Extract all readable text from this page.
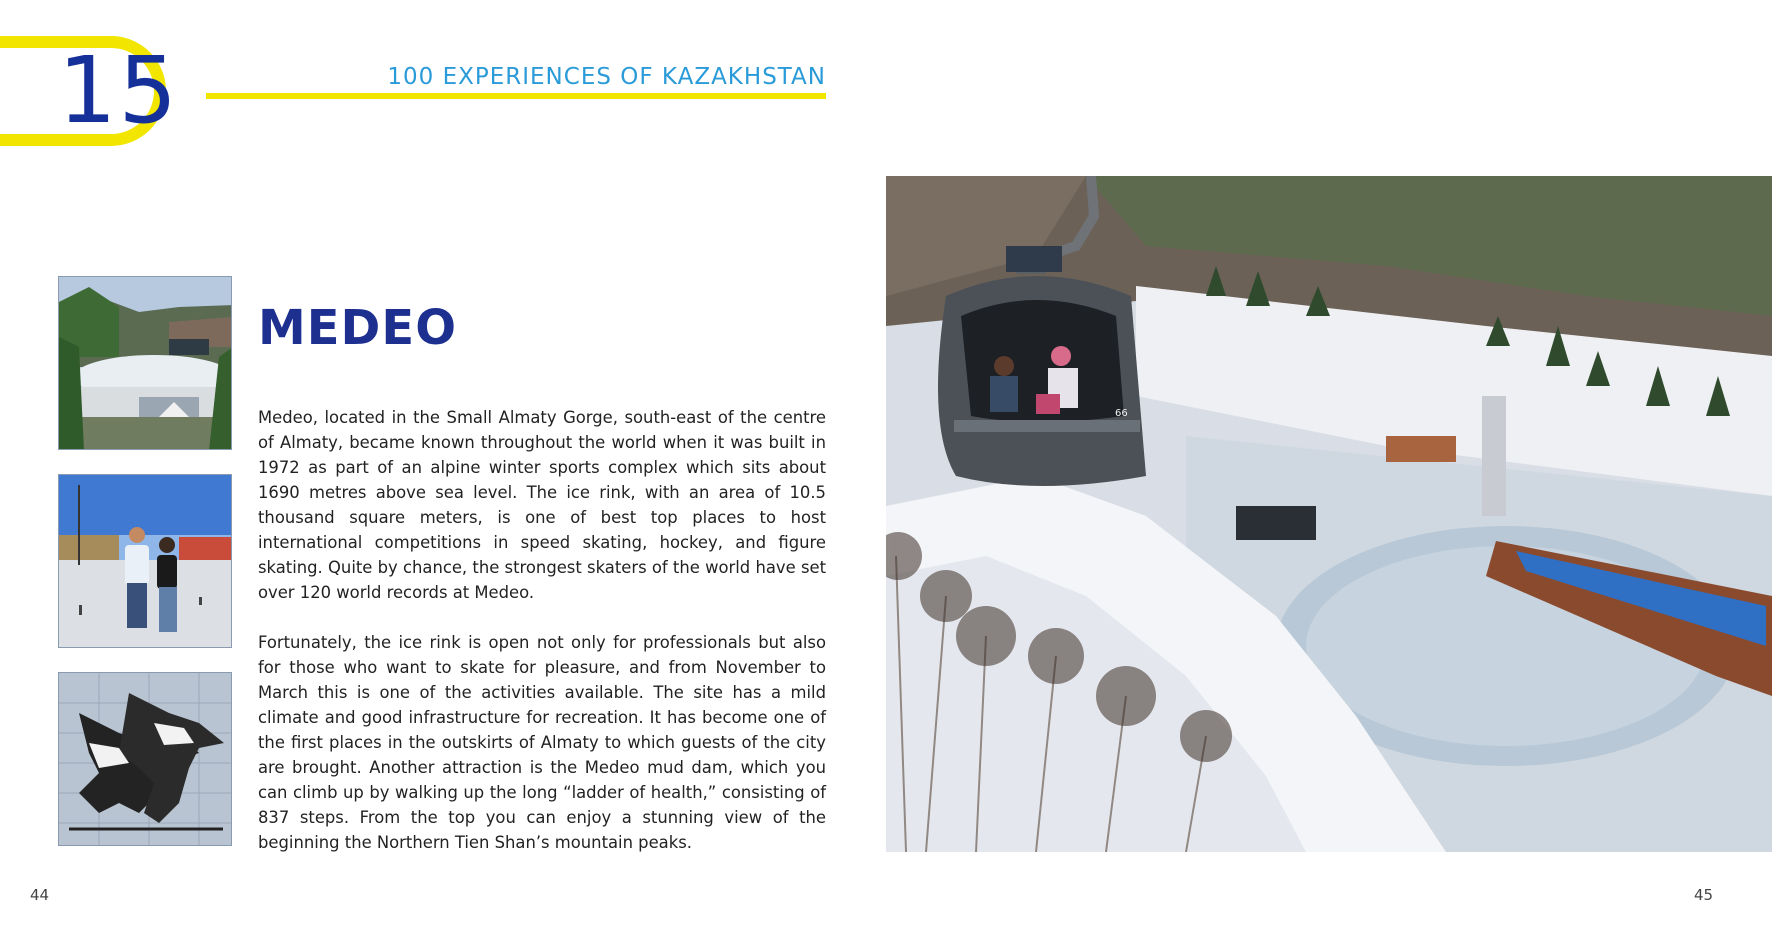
15	100 EXPERIENCES OF KAZAKHSTAN
MEDEO

Medeo, located in the Small Almaty Gorge, south-east of the centre of Almaty, became known throughout the world when it was built in 1972 as part of an alpine winter sports complex which sits about 1690 metres above sea level. The ice rink, with an area of 10.5 thousand square meters, is one of best top places to host international competitions in speed skating, hockey, and figure skating. Quite by chance, the strongest skaters of the world have set over 120 world records at Medeo.

Fortunately, the ice rink is open not only for professionals but also for those who want to skate for pleasure, and from November to March this is one of the activities available. The site has a mild climate and good infrastructure for recreation. It has become one of the first places in the outskirts of Almaty to which guests of the city are brought. Another attraction is the Medeo mud dam, which you can climb up by walking up the long “ladder of health,” consisting of 837 steps. From the top you can enjoy a stunning view of the beginning the Northern Tien Shan’s mountain peaks.

66
44	45
